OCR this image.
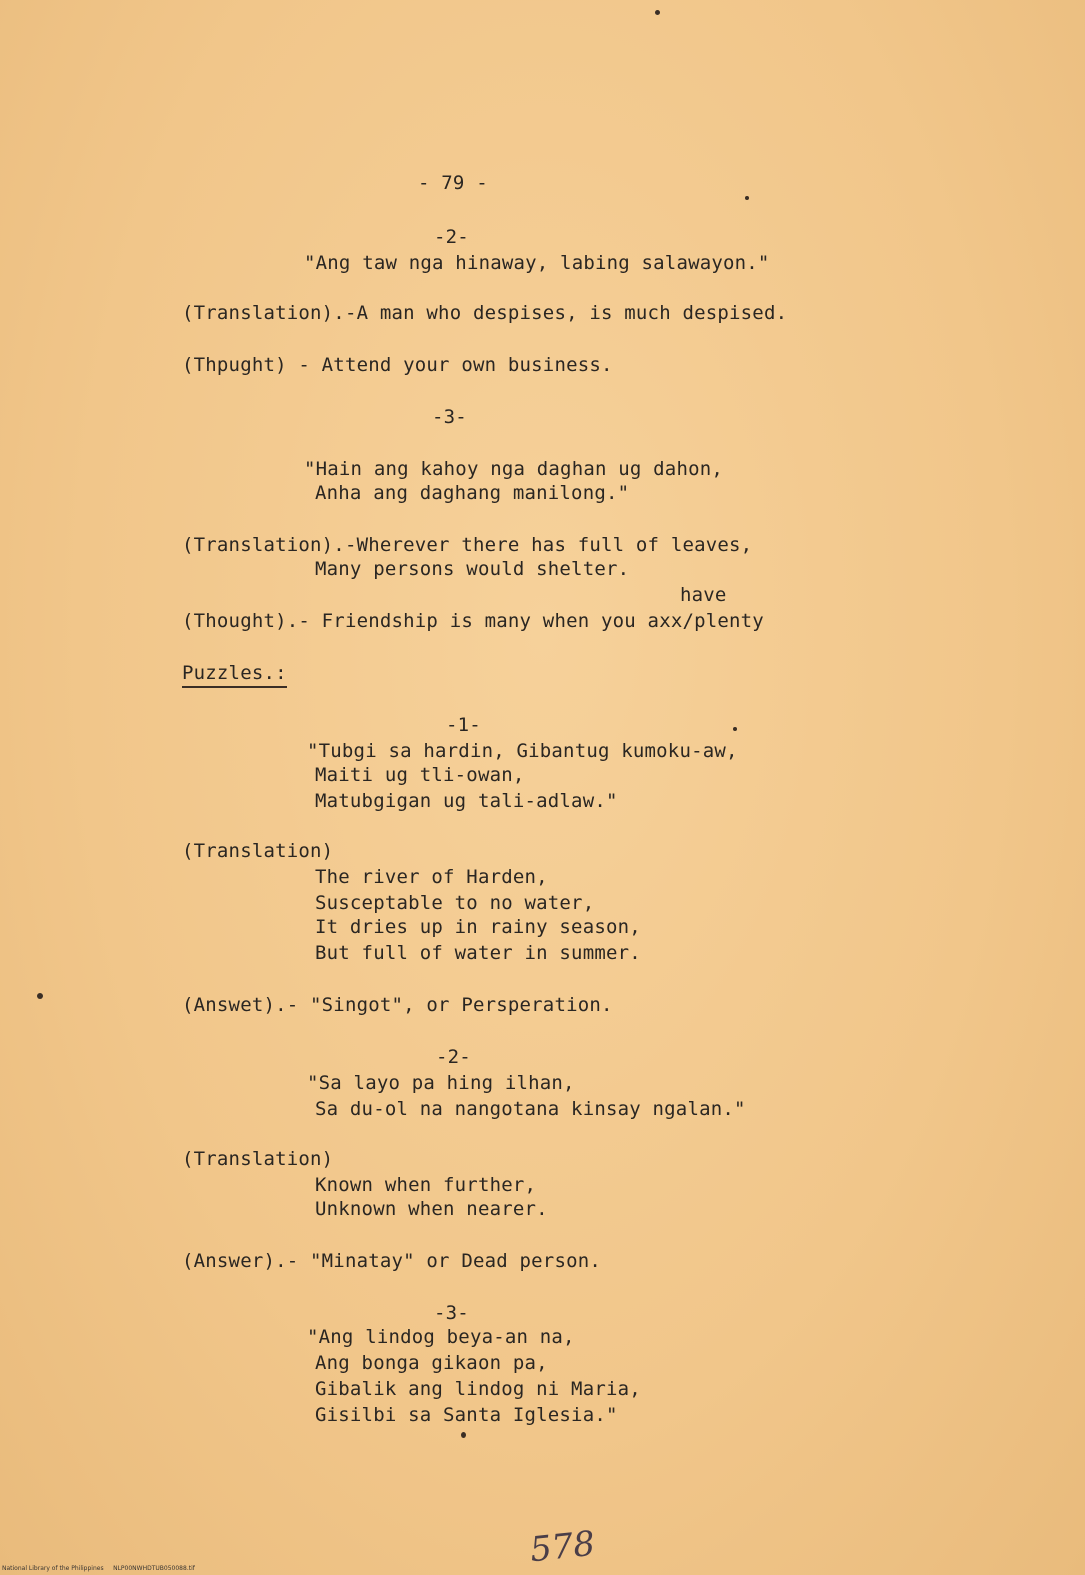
- 79 -
-2-
"Ang taw nga hinaway, labing salawayon."
(Translation).-A man who despises, is much despised.
(Thpught) - Attend your own business.
-3-
"Hain ang kahoy nga daghan ug dahon,
Anha ang daghang manilong."
(Translation).-Wherever there has full of leaves,
Many persons would shelter.
have
(Thought).- Friendship is many when you axx/plenty
Puzzles.:
-1-
"Tubgi sa hardin, Gibantug kumoku-aw,
Maiti ug tli-owan,
Matubgigan ug tali-adlaw."
(Translation)
The river of Harden,
Susceptable to no water,
It dries up in rainy season,
But full of water in summer.
(Answet).- "Singot", or Persperation.
-2-
"Sa layo pa hing ilhan,
Sa du-ol na nangotana kinsay ngalan."
(Translation)
Known when further,
Unknown when nearer.
(Answer).- "Minatay" or Dead person.
-3-
"Ang lindog beya-an na,
Ang bonga gikaon pa,
Gibalik ang lindog ni Maria,
Gisilbi sa Santa Iglesia."
578
National Library of the Philippines     NLP00NWHDTUB050088.tif
